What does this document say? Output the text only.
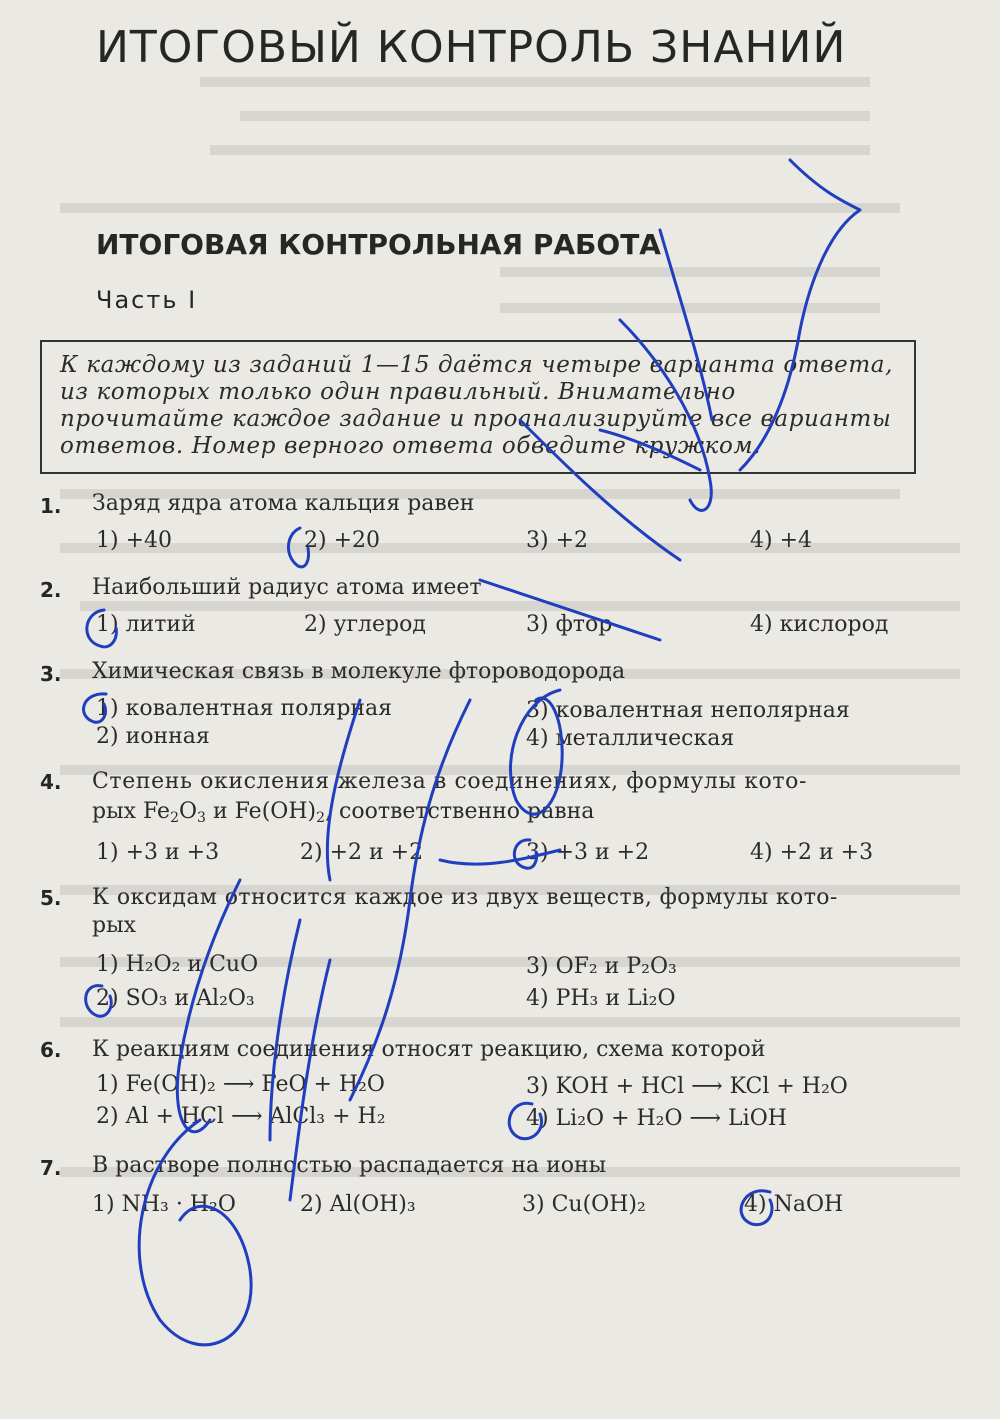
ИТОГОВЫЙ КОНТРОЛЬ ЗНАНИЙ
ИТОГОВАЯ КОНТРОЛЬНАЯ РАБОТА
Часть I
К каждому из заданий 1—15 даётся четыре варианта ответа, из которых только один правильный. Внимательно прочитайте каждое задание и проанализируйте все варианты ответов. Номер верного ответа обведите кружком.
1. Заряд ядра атома кальция равен
1) +40	2) +20	3) +2	4) +4
2. Наибольший радиус атома имеет
1) литий	2) углерод	3) фтор	4) кислород
3. Химическая связь в молекуле фтороводорода
1) ковалентная полярная
2) ионная
3) ковалентная неполярная
4) металлическая
4. Степень окисления железа в соединениях, формулы кото-
рых $Fe_2O_3$ и $Fe(OH)_2$, соответственно равна
1) +3 и +3	2) +2 и +2	3) +3 и +2	4) +2 и +3
5. К оксидам относится каждое из двух веществ, формулы кото-
рых
1) H₂O₂ и CuO
2) SO₃ и Al₂O₃
3) OF₂ и P₂O₃
4) PH₃ и Li₂O
6. К реакциям соединения относят реакцию, схема которой
1) Fe(OH)₂ ⟶ FeO + H₂O
2) Al + HCl ⟶ AlCl₃ + H₂
3) KOH + HCl ⟶ KCl + H₂O
4) Li₂O + H₂O ⟶ LiOH
7. В растворе полностью распадается на ионы
1) NH₃ · H₂O	2) Al(OH)₃	3) Cu(OH)₂	4) NaOH
